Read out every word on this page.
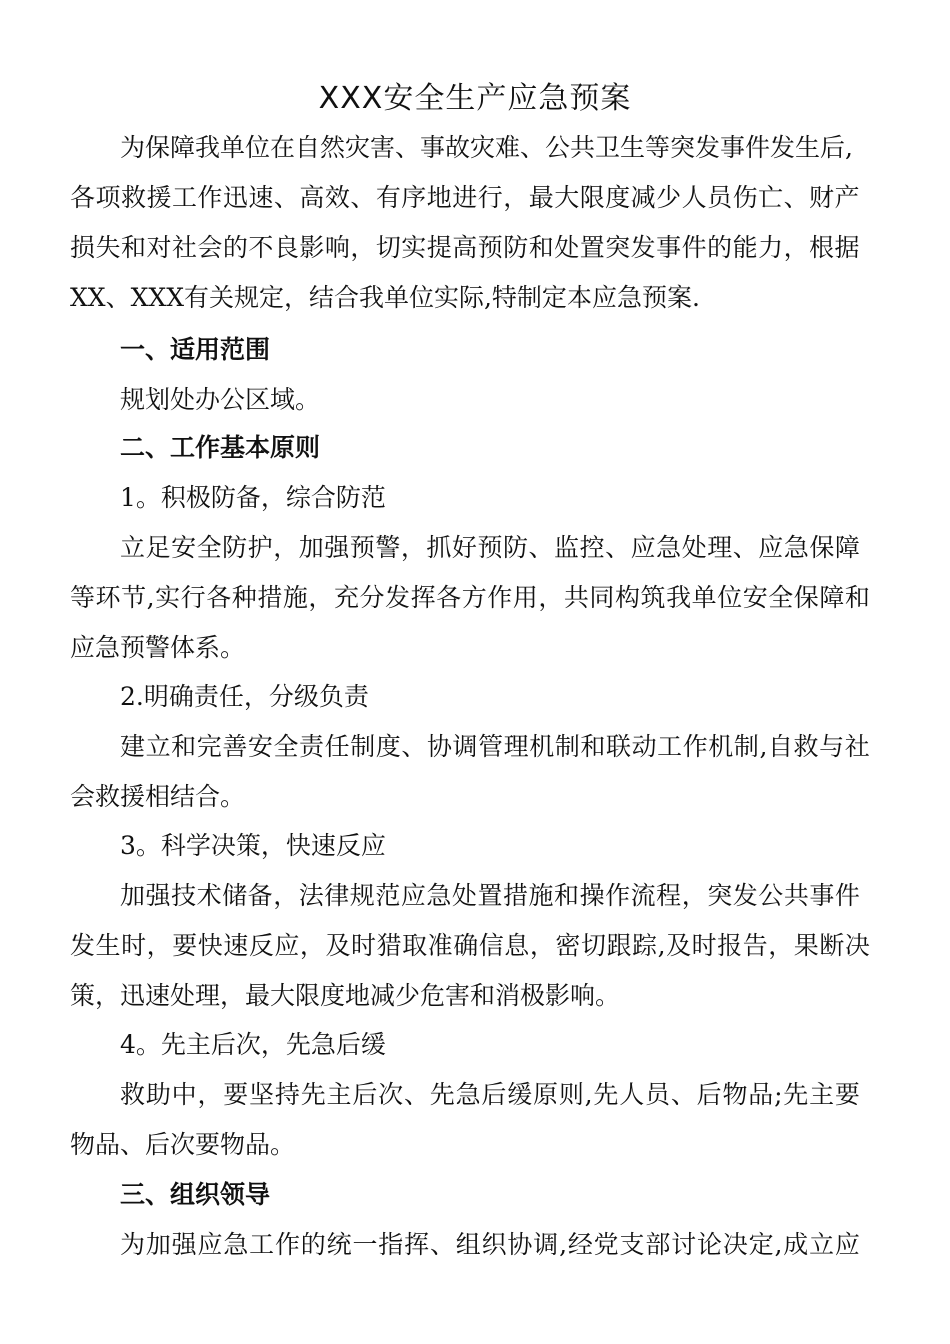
XXX安全生产应急预案
为保障我单位在自然灾害、事故灾难、公共卫生等突发事件发生后,
各 项 救 援 工 作 迅 速 、 高 效 、 有 序 地 进 行 ， 最 大 限 度 减 少 人 员 伤 亡 、 财 产
损 失 和 对 社 会 的 不 良 影 响 ， 切 实 提 高 预 防 和 处 置 突 发 事 件 的 能 力 ， 根 据
XX、XXX有关规定，结合我单位实际,特制定本应急预案.
一、适用范围
规划处办公区域。
二、工作基本原则
1。积极防备，综合防范
立 足 安 全 防 护 ， 加 强 预 警 ， 抓 好 预 防 、 监 控 、 应 急 处 理 、 应 急 保 障
等 环 节 , 实 行 各 种 措 施 ， 充 分 发 挥 各 方 作 用 ， 共 同 构 筑 我 单 位 安 全 保 障 和
应急预警体系。
2.明确责任，分级负责
建 立 和 完 善 安 全 责 任 制 度 、 协 调 管 理 机 制 和 联 动 工 作 机 制 , 自 救 与 社
会救援相结合。
3。科学决策，快速反应
加 强 技 术 储 备 ， 法 律 规 范 应 急 处 置 措 施 和 操 作 流 程 ， 突 发 公 共 事 件
发 生 时 ， 要 快 速 反 应 ， 及 时 猎 取 准 确 信 息 ， 密 切 跟 踪 , 及 时 报 告 ， 果 断 决
策，迅速处理，最大限度地减少危害和消极影响。
4。先主后次，先急后缓
救 助 中 ， 要 坚 持 先 主 后 次 、 先 急 后 缓 原 则 , 先 人 员 、 后 物 品 ; 先 主 要
物品、后次要物品。
三、组织领导
为 加 强 应 急 工 作 的 统 一 指 挥 、 组 织 协 调 , 经 党 支 部 讨 论 决 定 , 成 立 应
